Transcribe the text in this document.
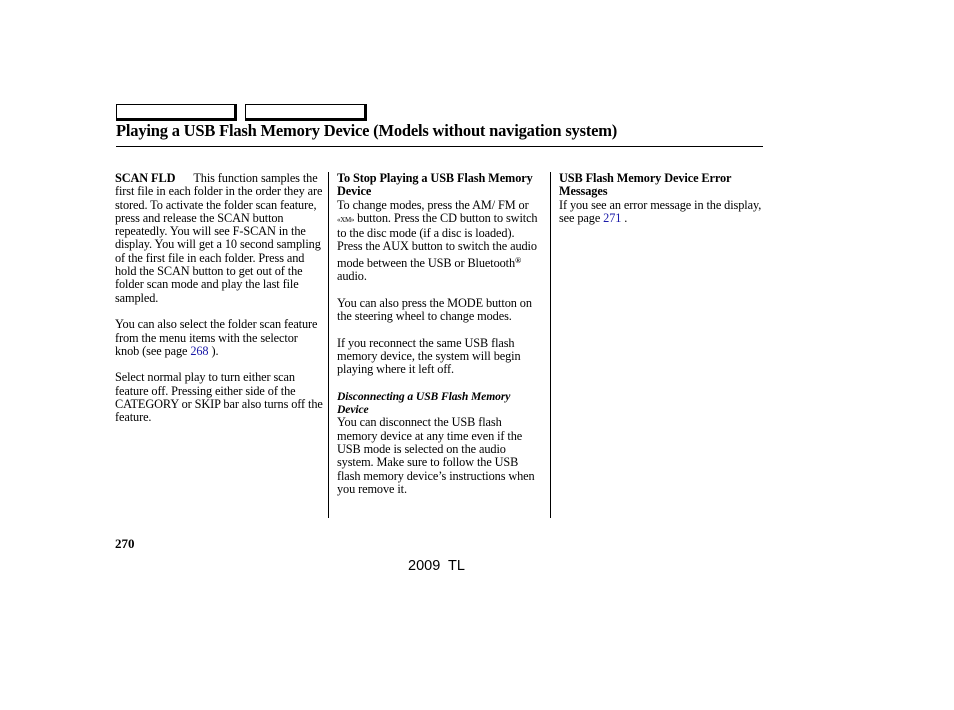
Playing a USB Flash Memory Device (Models without navigation system)

SCAN FLD This function samples the first file in each folder in the order they are stored. To activate the folder scan feature, press and release the SCAN button repeatedly. You will see F-SCAN in the display. You will get a 10 second sampling of the first file in each folder. Press and hold the SCAN button to get out of the folder scan mode and play the last file sampled.

You can also select the folder scan feature from the menu items with the selector knob (see page 268 ).

Select normal play to turn either scan feature off. Pressing either side of the CATEGORY or SKIP bar also turns off the feature.

To Stop Playing a USB Flash Memory Device

To change modes, press the AM/ FM or «XM» button. Press the CD button to switch to the disc mode (if a disc is loaded). Press the AUX button to switch the audio mode between the USB or Bluetooth® audio.

You can also press the MODE button on the steering wheel to change modes.

If you reconnect the same USB flash memory device, the system will begin playing where it left off.

Disconnecting a USB Flash Memory Device

You can disconnect the USB flash memory device at any time even if the USB mode is selected on the audio system. Make sure to follow the USB flash memory device’s instructions when you remove it.

USB Flash Memory Device Error Messages

If you see an error message in the display, see page 271 .

270
2009  TL
